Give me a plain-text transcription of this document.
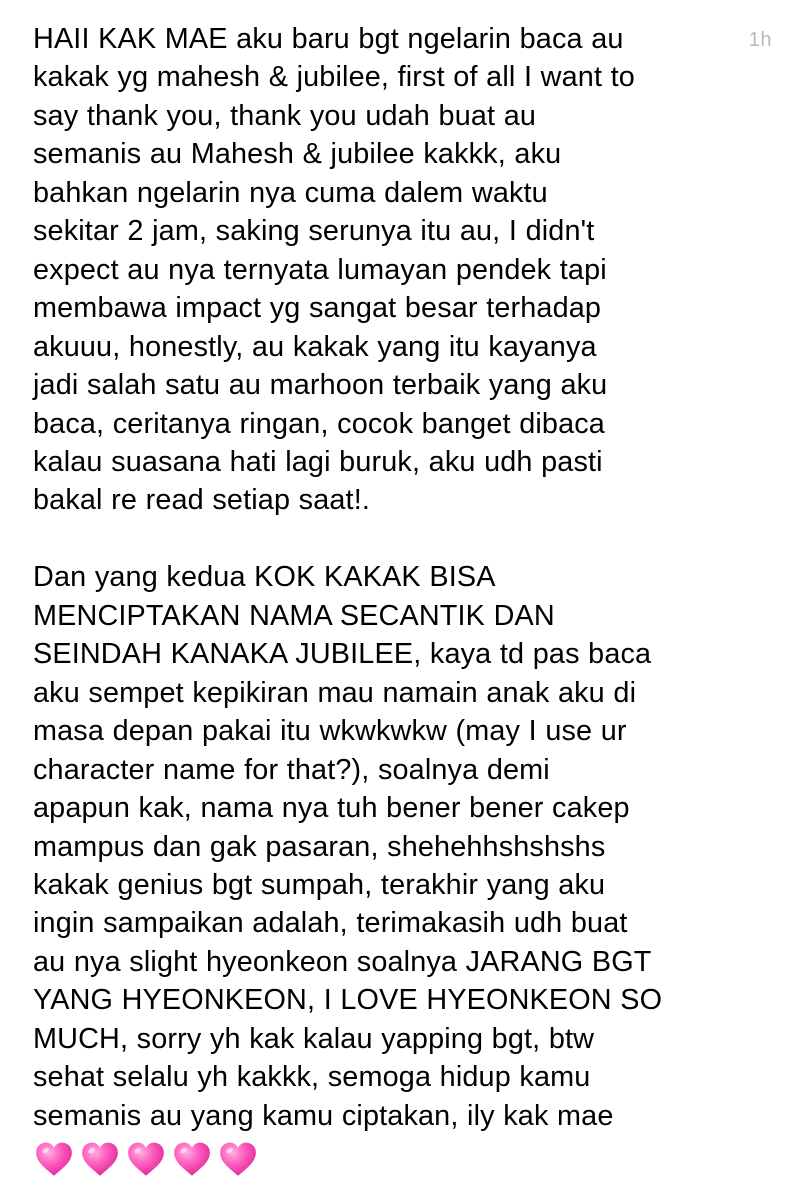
1h
HAII KAK MAE aku baru bgt ngelarin baca au
kakak yg mahesh & jubilee, first of all I want to
say thank you, thank you udah buat au
semanis au Mahesh & jubilee kakkk, aku
bahkan ngelarin nya cuma dalem waktu
sekitar 2 jam, saking serunya itu au, I didn't
expect au nya ternyata lumayan pendek tapi
membawa impact yg sangat besar terhadap
akuuu, honestly, au kakak yang itu kayanya
jadi salah satu au marhoon terbaik yang aku
baca, ceritanya ringan, cocok banget dibaca
kalau suasana hati lagi buruk, aku udh pasti
bakal re read setiap saat!.
Dan yang kedua KOK KAKAK BISA
MENCIPTAKAN NAMA SECANTIK DAN
SEINDAH KANAKA JUBILEE, kaya td pas baca
aku sempet kepikiran mau namain anak aku di
masa depan pakai itu wkwkwkw (may I use ur
character name for that?), soalnya demi
apapun kak, nama nya tuh bener bener cakep
mampus dan gak pasaran, shehehhshshshs
kakak genius bgt sumpah, terakhir yang aku
ingin sampaikan adalah, terimakasih udh buat
au nya slight hyeonkeon soalnya JARANG BGT
YANG HYEONKEON, I LOVE HYEONKEON SO
MUCH, sorry yh kak kalau yapping bgt, btw
sehat selalu yh kakkk, semoga hidup kamu
semanis au yang kamu ciptakan, ily kak mae
